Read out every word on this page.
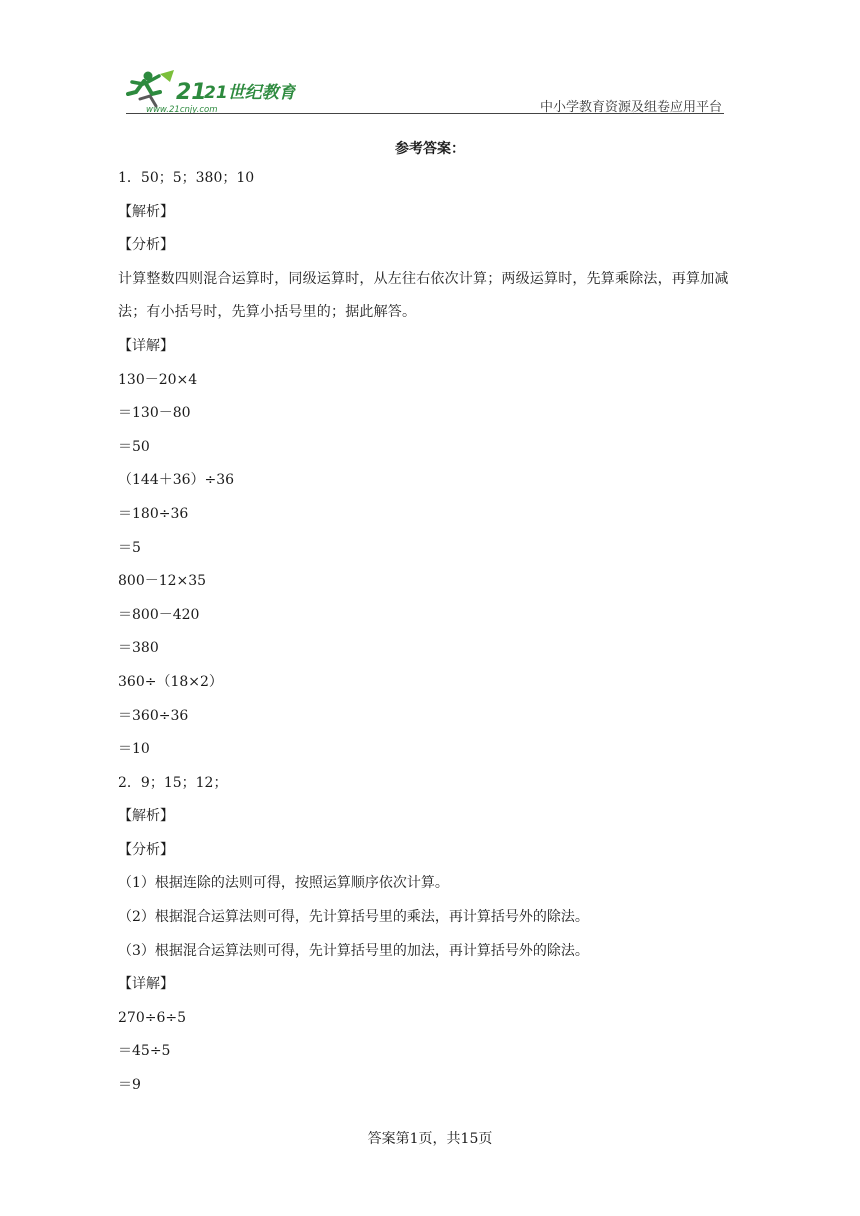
21
21世纪教育
www.21cnjy.com	中小学教育资源及组卷应用平台
参考答案：
1．50；5；380；10
【解析】
【分析】
计算整数四则混合运算时，同级运算时，从左往右依次计算；两级运算时，先算乘除法，再算加减法；有小括号时，先算小括号里的；据此解答。
【详解】
130－20×4
＝130－80
＝50
（144＋36）÷36
＝180÷36
＝5
800－12×35
＝800－420
＝380
360÷（18×2）
＝360÷36
＝10
2．9；15；12；
【解析】
【分析】
（1）根据连除的法则可得，按照运算顺序依次计算。
（2）根据混合运算法则可得，先计算括号里的乘法，再计算括号外的除法。
（3）根据混合运算法则可得，先计算括号里的加法，再计算括号外的除法。
【详解】
270÷6÷5
＝45÷5
＝9
答案第1页，共15页
